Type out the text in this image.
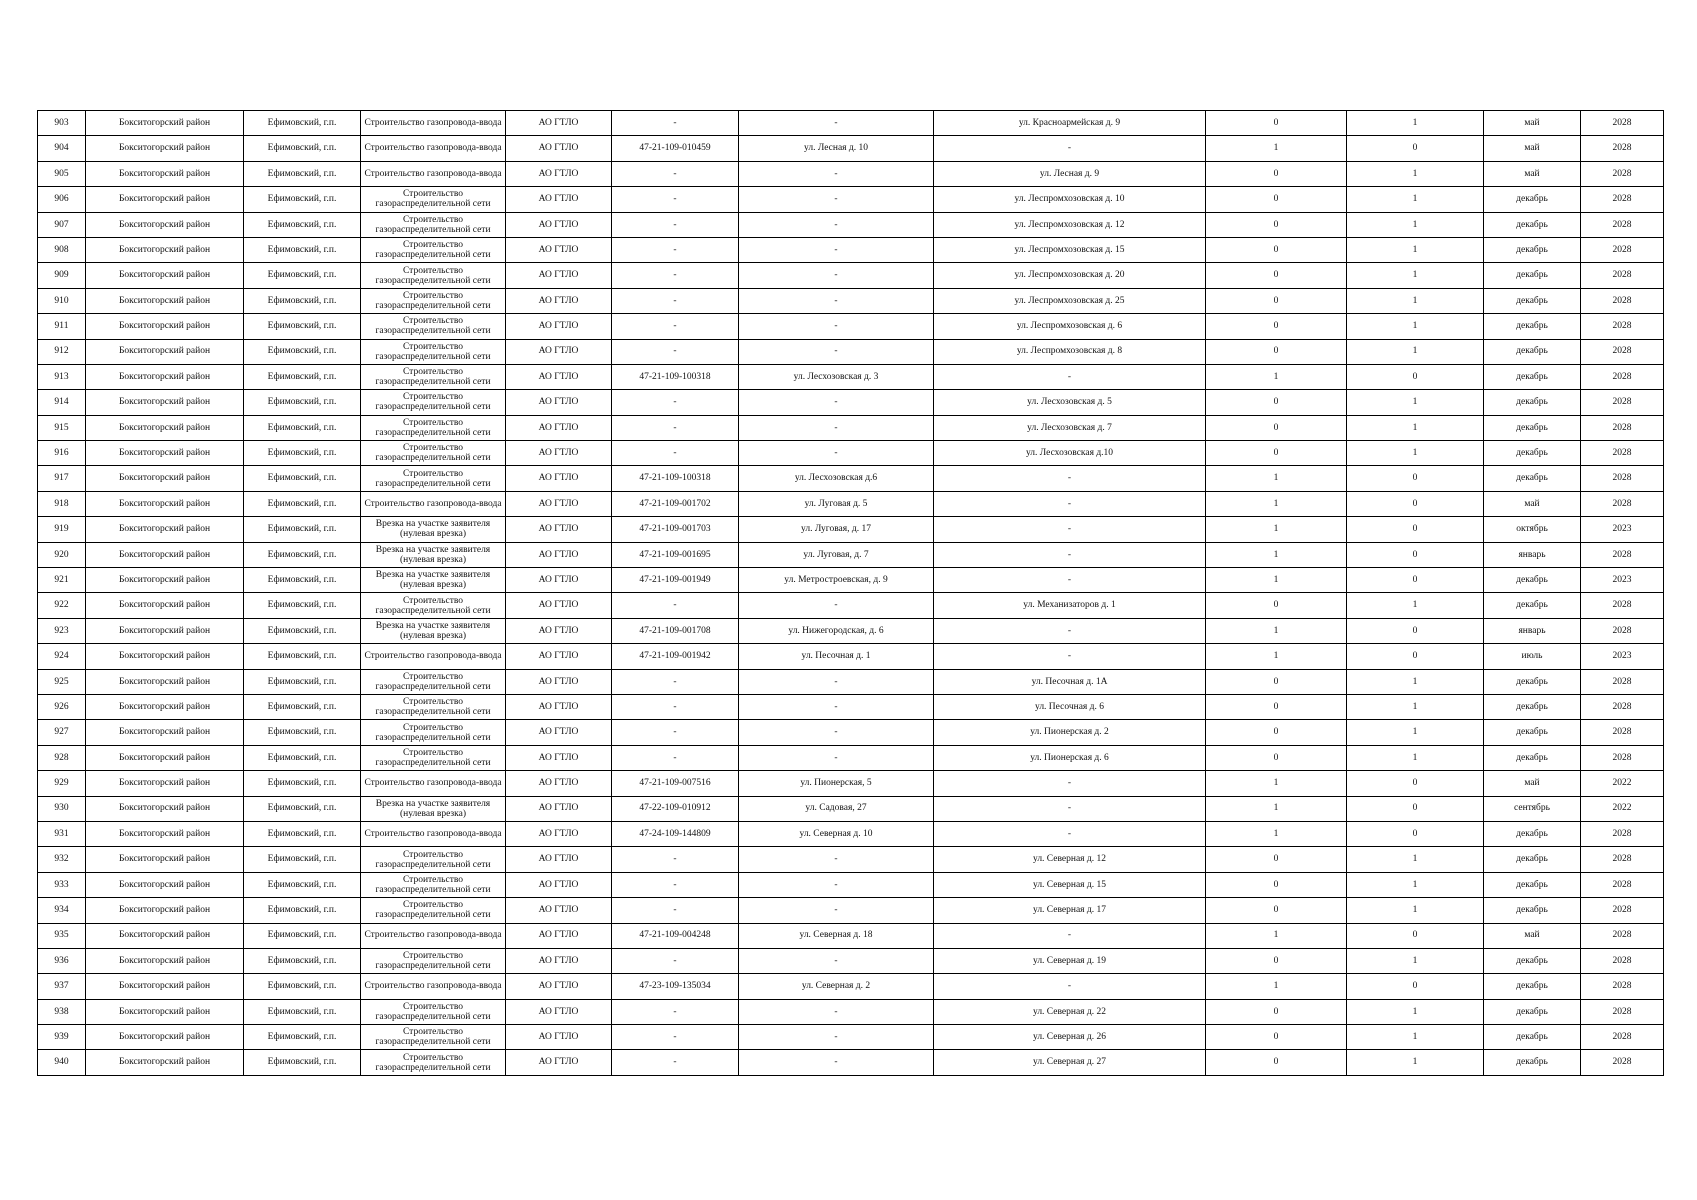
903	Бокситогорский район	Ефимовский, г.п.	Строительство газопровода-ввода	АО ГТЛО	-	-	ул. Красноармейская д. 9	0	1	май	2028
904	Бокситогорский район	Ефимовский, г.п.	Строительство газопровода-ввода	АО ГТЛО	47-21-109-010459	ул. Лесная д. 10	-	1	0	май	2028
905	Бокситогорский район	Ефимовский, г.п.	Строительство газопровода-ввода	АО ГТЛО	-	-	ул. Лесная д. 9	0	1	май	2028
906	Бокситогорский район	Ефимовский, г.п.	Строительство газораспределительной сети	АО ГТЛО	-	-	ул. Леспромхозовская д. 10	0	1	декабрь	2028
907	Бокситогорский район	Ефимовский, г.п.	Строительство газораспределительной сети	АО ГТЛО	-	-	ул. Леспромхозовская д. 12	0	1	декабрь	2028
908	Бокситогорский район	Ефимовский, г.п.	Строительство газораспределительной сети	АО ГТЛО	-	-	ул. Леспромхозовская д. 15	0	1	декабрь	2028
909	Бокситогорский район	Ефимовский, г.п.	Строительство газораспределительной сети	АО ГТЛО	-	-	ул. Леспромхозовская д. 20	0	1	декабрь	2028
910	Бокситогорский район	Ефимовский, г.п.	Строительство газораспределительной сети	АО ГТЛО	-	-	ул. Леспромхозовская д. 25	0	1	декабрь	2028
911	Бокситогорский район	Ефимовский, г.п.	Строительство газораспределительной сети	АО ГТЛО	-	-	ул. Леспромхозовская д. 6	0	1	декабрь	2028
912	Бокситогорский район	Ефимовский, г.п.	Строительство газораспределительной сети	АО ГТЛО	-	-	ул. Леспромхозовская д. 8	0	1	декабрь	2028
913	Бокситогорский район	Ефимовский, г.п.	Строительство газораспределительной сети	АО ГТЛО	47-21-109-100318	ул. Лесхозовская д. 3	-	1	0	декабрь	2028
914	Бокситогорский район	Ефимовский, г.п.	Строительство газораспределительной сети	АО ГТЛО	-	-	ул. Лесхозовская д. 5	0	1	декабрь	2028
915	Бокситогорский район	Ефимовский, г.п.	Строительство газораспределительной сети	АО ГТЛО	-	-	ул. Лесхозовская д. 7	0	1	декабрь	2028
916	Бокситогорский район	Ефимовский, г.п.	Строительство газораспределительной сети	АО ГТЛО	-	-	ул. Лесхозовская д.10	0	1	декабрь	2028
917	Бокситогорский район	Ефимовский, г.п.	Строительство газораспределительной сети	АО ГТЛО	47-21-109-100318	ул. Лесхозовская д.6	-	1	0	декабрь	2028
918	Бокситогорский район	Ефимовский, г.п.	Строительство газопровода-ввода	АО ГТЛО	47-21-109-001702	ул. Луговая д. 5	-	1	0	май	2028
919	Бокситогорский район	Ефимовский, г.п.	Врезка на участке заявителя (нулевая врезка)	АО ГТЛО	47-21-109-001703	ул. Луговая, д. 17	-	1	0	октябрь	2023
920	Бокситогорский район	Ефимовский, г.п.	Врезка на участке заявителя (нулевая врезка)	АО ГТЛО	47-21-109-001695	ул. Луговая, д. 7	-	1	0	январь	2028
921	Бокситогорский район	Ефимовский, г.п.	Врезка на участке заявителя (нулевая врезка)	АО ГТЛО	47-21-109-001949	ул. Метростроевская, д. 9	-	1	0	декабрь	2023
922	Бокситогорский район	Ефимовский, г.п.	Строительство газораспределительной сети	АО ГТЛО	-	-	ул. Механизаторов д. 1	0	1	декабрь	2028
923	Бокситогорский район	Ефимовский, г.п.	Врезка на участке заявителя (нулевая врезка)	АО ГТЛО	47-21-109-001708	ул. Нижегородская, д. 6	-	1	0	январь	2028
924	Бокситогорский район	Ефимовский, г.п.	Строительство газопровода-ввода	АО ГТЛО	47-21-109-001942	ул. Песочная д. 1	-	1	0	июль	2023
925	Бокситогорский район	Ефимовский, г.п.	Строительство газораспределительной сети	АО ГТЛО	-	-	ул. Песочная д. 1А	0	1	декабрь	2028
926	Бокситогорский район	Ефимовский, г.п.	Строительство газораспределительной сети	АО ГТЛО	-	-	ул. Песочная д. 6	0	1	декабрь	2028
927	Бокситогорский район	Ефимовский, г.п.	Строительство газораспределительной сети	АО ГТЛО	-	-	ул. Пионерская д. 2	0	1	декабрь	2028
928	Бокситогорский район	Ефимовский, г.п.	Строительство газораспределительной сети	АО ГТЛО	-	-	ул. Пионерская д. 6	0	1	декабрь	2028
929	Бокситогорский район	Ефимовский, г.п.	Строительство газопровода-ввода	АО ГТЛО	47-21-109-007516	ул. Пионерская, 5	-	1	0	май	2022
930	Бокситогорский район	Ефимовский, г.п.	Врезка на участке заявителя (нулевая врезка)	АО ГТЛО	47-22-109-010912	ул. Садовая, 27	-	1	0	сентябрь	2022
931	Бокситогорский район	Ефимовский, г.п.	Строительство газопровода-ввода	АО ГТЛО	47-24-109-144809	ул. Северная д. 10	-	1	0	декабрь	2028
932	Бокситогорский район	Ефимовский, г.п.	Строительство газораспределительной сети	АО ГТЛО	-	-	ул. Северная д. 12	0	1	декабрь	2028
933	Бокситогорский район	Ефимовский, г.п.	Строительство газораспределительной сети	АО ГТЛО	-	-	ул. Северная д. 15	0	1	декабрь	2028
934	Бокситогорский район	Ефимовский, г.п.	Строительство газораспределительной сети	АО ГТЛО	-	-	ул. Северная д. 17	0	1	декабрь	2028
935	Бокситогорский район	Ефимовский, г.п.	Строительство газопровода-ввода	АО ГТЛО	47-21-109-004248	ул. Северная д. 18	-	1	0	май	2028
936	Бокситогорский район	Ефимовский, г.п.	Строительство газораспределительной сети	АО ГТЛО	-	-	ул. Северная д. 19	0	1	декабрь	2028
937	Бокситогорский район	Ефимовский, г.п.	Строительство газопровода-ввода	АО ГТЛО	47-23-109-135034	ул. Северная д. 2	-	1	0	декабрь	2028
938	Бокситогорский район	Ефимовский, г.п.	Строительство газораспределительной сети	АО ГТЛО	-	-	ул. Северная д. 22	0	1	декабрь	2028
939	Бокситогорский район	Ефимовский, г.п.	Строительство газораспределительной сети	АО ГТЛО	-	-	ул. Северная д. 26	0	1	декабрь	2028
940	Бокситогорский район	Ефимовский, г.п.	Строительство газораспределительной сети	АО ГТЛО	-	-	ул. Северная д. 27	0	1	декабрь	2028
